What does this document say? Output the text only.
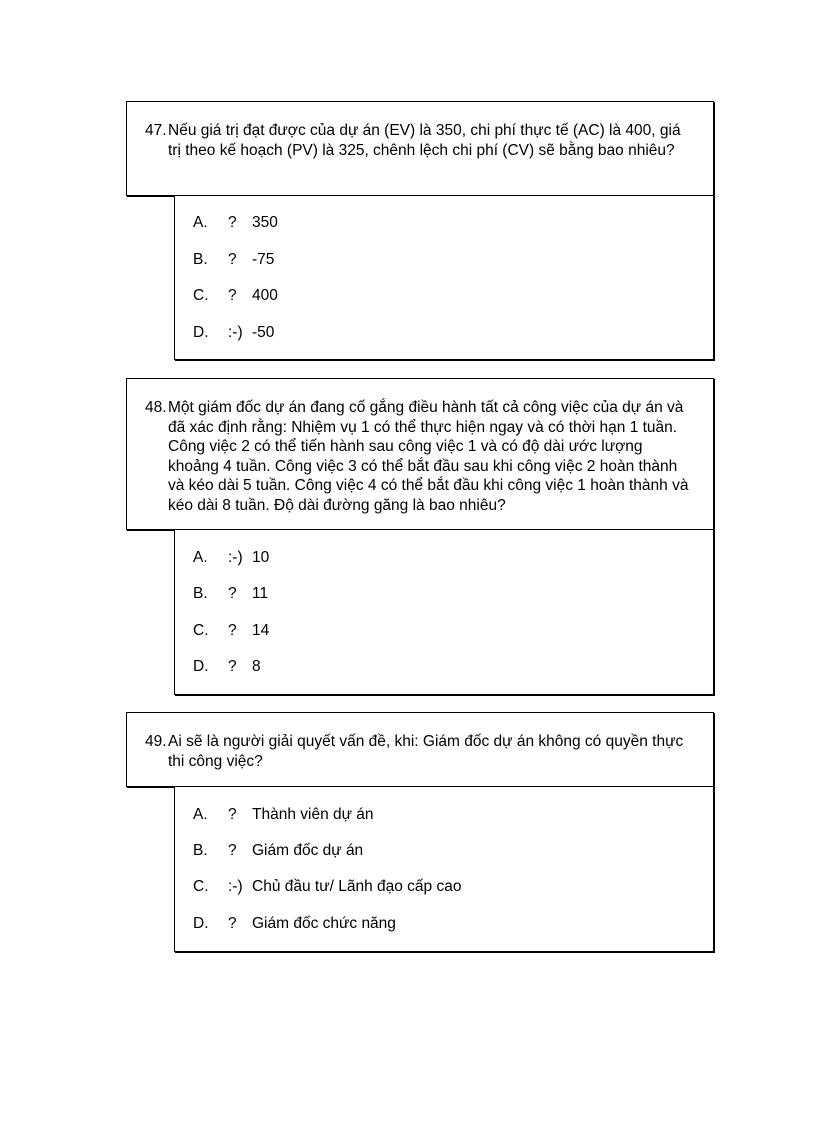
47. Nếu giá trị đạt được của dự án (EV) là 350, chi phí thực tế (AC) là 400, giá trị theo kế hoạch (PV) là 325, chênh lệch chi phí (CV) sẽ bằng bao nhiêu?
A. ? 350
B. ? -75
C. ? 400
D. :-) -50
48. Một giám đốc dự án đang cố gắng điều hành tất cả công việc của dự án và đã xác định rằng: Nhiệm vụ 1 có thể thực hiện ngay và có thời hạn 1 tuần. Công việc 2 có thể tiến hành sau công việc 1 và có độ dài ước lượng khoảng 4 tuần. Công việc 3 có thể bắt đầu sau khi công việc 2 hoàn thành và kéo dài 5 tuần. Công việc 4 có thể bắt đầu khi công việc 1 hoàn thành và kéo dài 8 tuần. Độ dài đường găng là bao nhiêu?
A. :-) 10
B. ? 11
C. ? 14
D. ? 8
49. Ai sẽ là người giải quyết vấn đề, khi: Giám đốc dự án không có quyền thực thi công việc?
A. ? Thành viên dự án
B. ? Giám đốc dự án
C. :-) Chủ đầu tư/ Lãnh đạo cấp cao
D. ? Giám đốc chức năng
